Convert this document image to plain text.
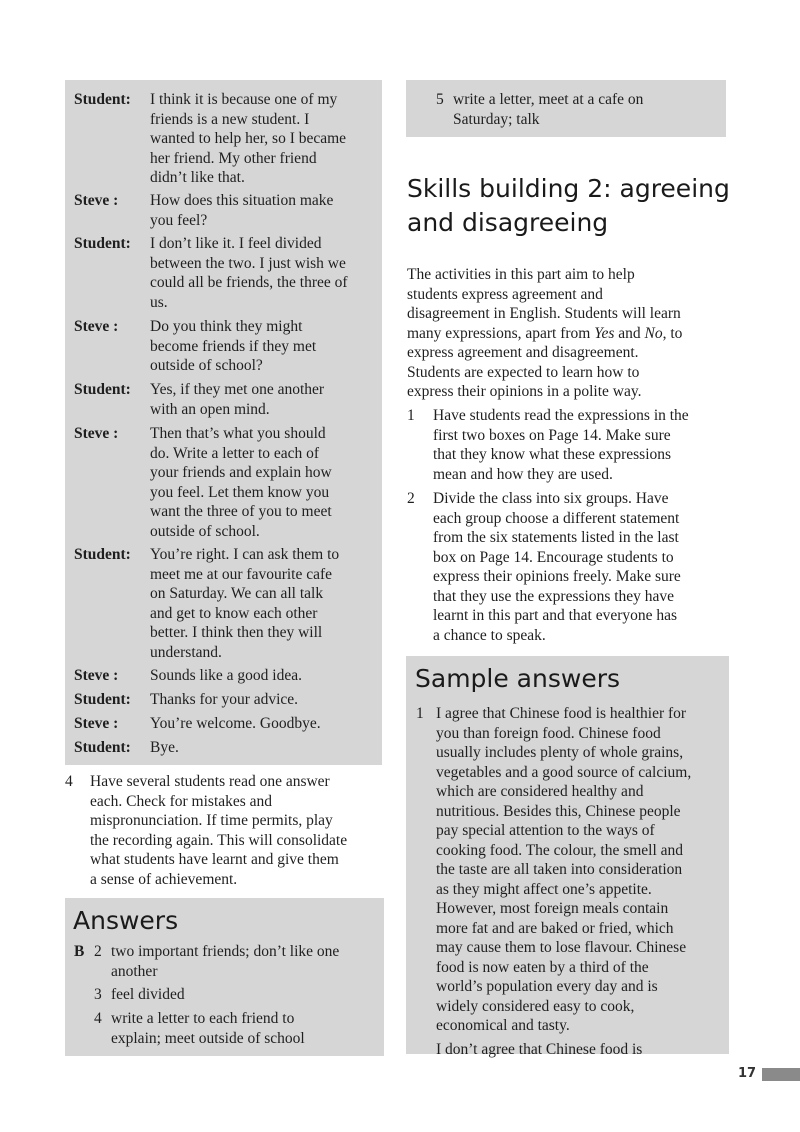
Student:	I think it is because one of my
friends is a new student. I
wanted to help her, so I became
her friend. My other friend
didn’t like that.
Steve :	How does this situation make
you feel?
Student:	I don’t like it. I feel divided
between the two. I just wish we
could all be friends, the three of
us.
Steve :	Do you think they might
become friends if they met
outside of school?
Student:	Yes, if they met one another
with an open mind.
Steve :	Then that’s what you should
do. Write a letter to each of
your friends and explain how
you feel. Let them know you
want the three of you to meet
outside of school.
Student:	You’re right. I can ask them to
meet me at our favourite cafe
on Saturday. We can all talk
and get to know each other
better. I think then they will
understand.
Steve :	Sounds like a good idea.
Student:	Thanks for your advice.
Steve :	You’re welcome. Goodbye.
Student:	Bye.
4	Have several students read one answer
each. Check for mistakes and
mispronunciation. If time permits, play
the recording again. This will consolidate
what students have learnt and give them
a sense of achievement.
Answers
B 2 two important friends; don’t like one
another
3 feel divided
4 write a letter to each friend to
explain; meet outside of school
5 write a letter, meet at a cafe on
Saturday; talk
Skills building 2: agreeing
and disagreeing
The activities in this part aim to help
students express agreement and
disagreement in English. Students will learn
many expressions, apart from Yes and No, to
express agreement and disagreement.
Students are expected to learn how to
express their opinions in a polite way.
1	Have students read the expressions in the
first two boxes on Page 14. Make sure
that they know what these expressions
mean and how they are used.
2	Divide the class into six groups. Have
each group choose a different statement
from the six statements listed in the last
box on Page 14. Encourage students to
express their opinions freely. Make sure
that they use the expressions they have
learnt in this part and that everyone has
a chance to speak.
Sample answers
1 I agree that Chinese food is healthier for
you than foreign food. Chinese food
usually includes plenty of whole grains,
vegetables and a good source of calcium,
which are considered healthy and
nutritious. Besides this, Chinese people
pay special attention to the ways of
cooking food. The colour, the smell and
the taste are all taken into consideration
as they might affect one’s appetite.
However, most foreign meals contain
more fat and are baked or fried, which
may cause them to lose flavour. Chinese
food is now eaten by a third of the
world’s population every day and is
widely considered easy to cook,
economical and tasty.
I don’t agree that Chinese food is
17
